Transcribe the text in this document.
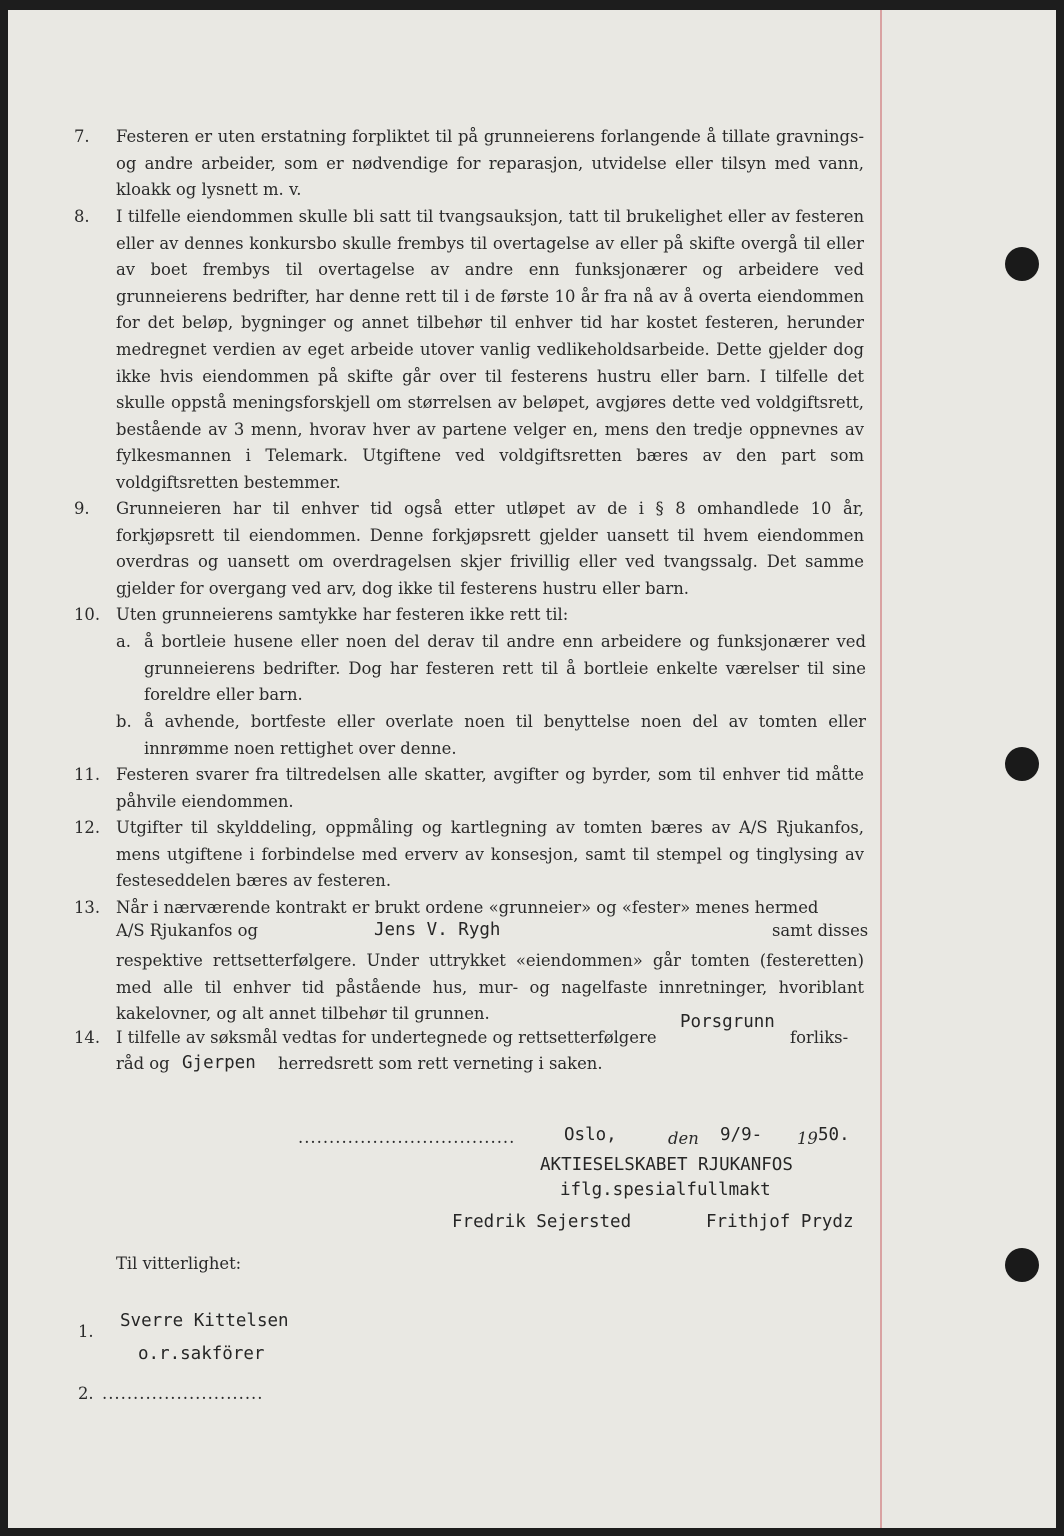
7. Festeren er uten erstatning forpliktet til på grunneierens forlangende å tillate gravnings- og andre arbeider, som er nødvendige for reparasjon, utvidelse eller tilsyn med vann, kloakk og lysnett m. v.
8. I tilfelle eiendommen skulle bli satt til tvangsauksjon, tatt til brukelighet eller av festeren eller av dennes konkursbo skulle frembys til overtagelse av eller på skifte overgå til eller av boet frembys til overtagelse av andre enn funksjonærer og arbeidere ved grunneierens bedrifter, har denne rett til i de første 10 år fra nå av å overta eiendommen for det beløp, bygninger og annet tilbehør til enhver tid har kostet festeren, herunder medregnet verdien av eget arbeide utover vanlig vedlikeholdsarbeide. Dette gjelder dog ikke hvis eiendommen på skifte går over til festerens hustru eller barn. I tilfelle det skulle oppstå meningsforskjell om størrelsen av beløpet, avgjøres dette ved voldgiftsrett, bestående av 3 menn, hvorav hver av partene velger en, mens den tredje oppnevnes av fylkesmannen i Telemark. Utgiftene ved voldgiftsretten bæres av den part som voldgiftsretten bestemmer.
9. Grunneieren har til enhver tid også etter utløpet av de i § 8 omhandlede 10 år, forkjøpsrett til eiendommen. Denne forkjøpsrett gjelder uansett til hvem eiendommen overdras og uansett om overdragelsen skjer frivillig eller ved tvangssalg. Det samme gjelder for overgang ved arv, dog ikke til festerens hustru eller barn.
10. Uten grunneierens samtykke har festeren ikke rett til:
a. å bortleie husene eller noen del derav til andre enn arbeidere og funksjonærer ved grunneierens bedrifter. Dog har festeren rett til å bortleie enkelte værelser til sine foreldre eller barn.
b. å avhende, bortfeste eller overlate noen til benyttelse noen del av tomten eller innrømme noen rettighet over denne.
11. Festeren svarer fra tiltredelsen alle skatter, avgifter og byrder, som til enhver tid måtte påhvile eiendommen.
12. Utgifter til skylddeling, oppmåling og kartlegning av tomten bæres av A/S Rjukanfos, mens utgiftene i forbindelse med erverv av konsesjon, samt til stempel og tinglysing av festeseddelen bæres av festeren.
13. Når i nærværende kontrakt er brukt ordene «grunneier» og «fester» menes hermed
A/S Rjukanfos og	Jens V. Rygh	samt disses
respektive rettsetterfølgere. Under uttrykket «eiendommen» går tomten (festeretten) med alle til enhver tid påstående hus, mur- og nagelfaste innretninger, hvoriblant kakelovner, og alt annet tilbehør til grunnen.
14. I tilfelle av søksmål vedtas for undertegnede og rettsetterfølgere
Porsgrunn
forliks-
råd og Gjerpen herredsrett som rett verneting i saken.
...................................	Oslo,	den 9/9- 19 50.
AKTIESELSKABET RJUKANFOS
iflg.spesialfullmakt
Fredrik Sejersted	Frithjof Prydz
Til vitterlighet:
1.
Sverre Kittelsen
o.r.sakförer
2. ..........................
